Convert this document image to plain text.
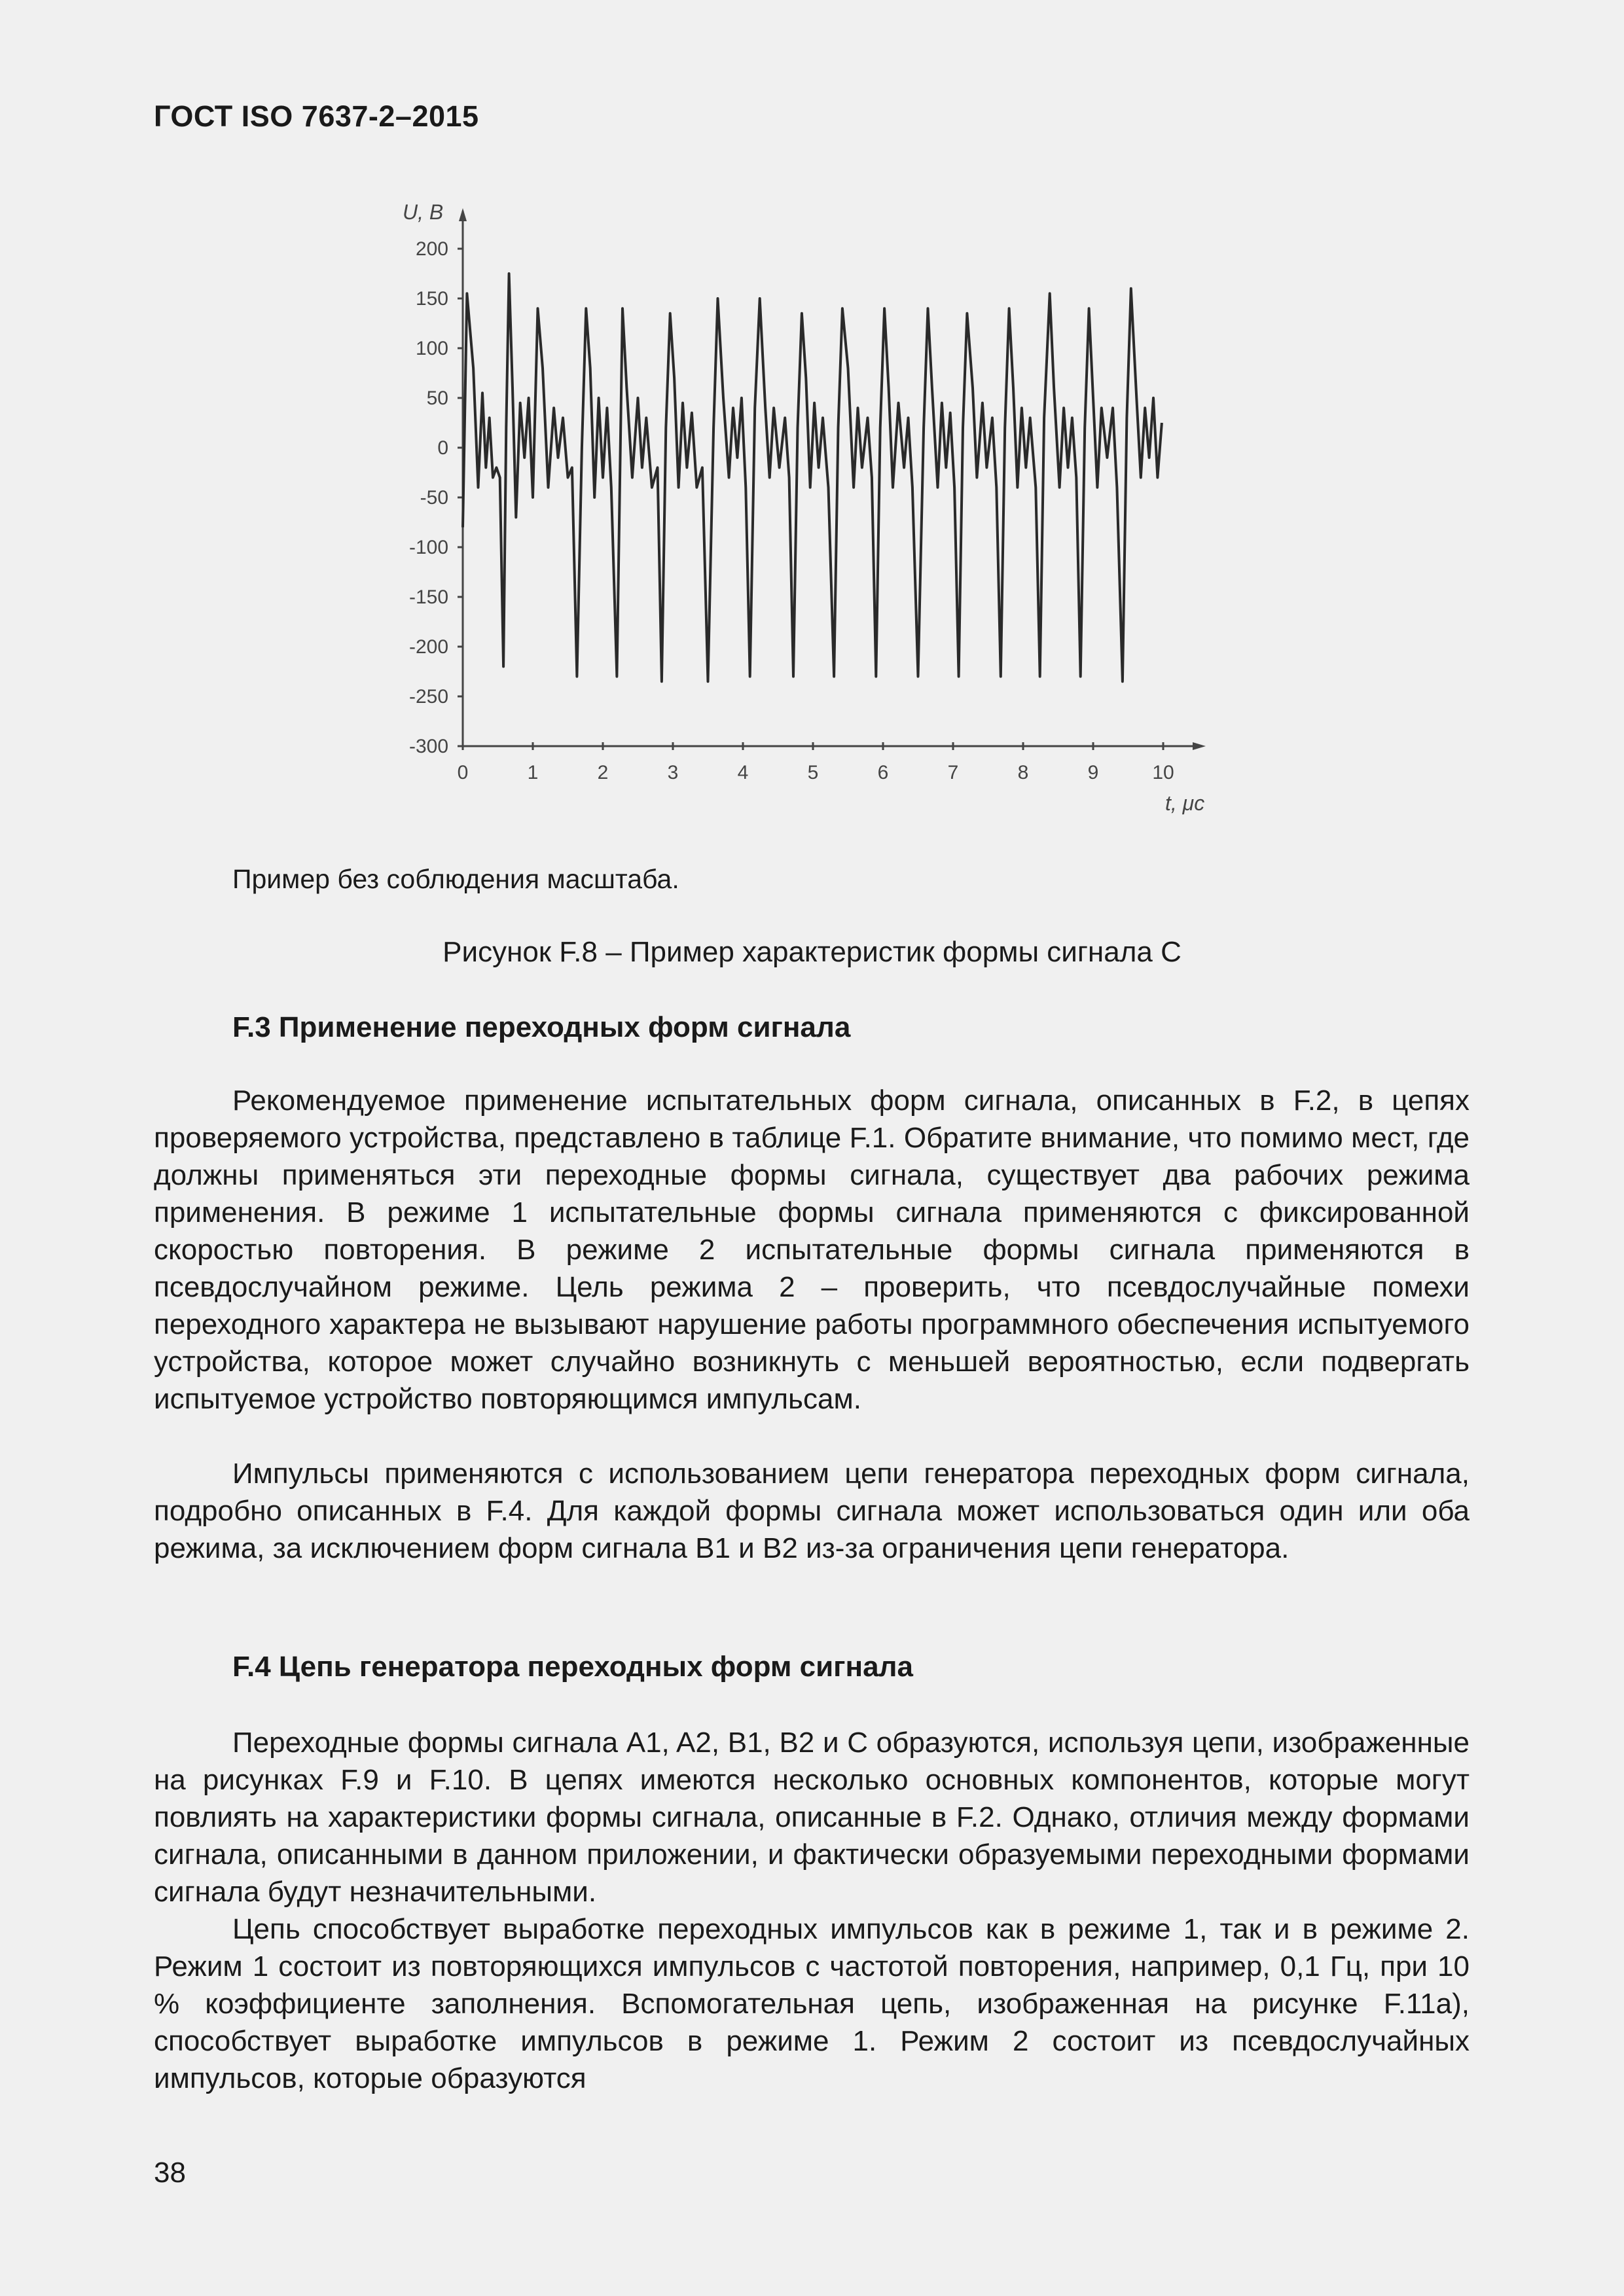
ГОСТ ISO 7637-2–2015
200
150
100
50
0
-50
-100
-150
-200
-250
-300
0	1	2	3	4	5	6	7	8	9	10
U, B
t, μc
Пример без соблюдения масштаба.
Рисунок F.8 – Пример характеристик формы сигнала C
F.3 Применение переходных форм сигнала

Рекомендуемое применение испытательных форм сигнала, описанных в F.2, в цепях проверяемого устройства, представлено в таблице F.1. Обратите внимание, что помимо мест, где должны применяться эти переходные формы сигнала, существует два рабочих режима применения. В режиме 1 испытательные формы сигнала применяются с фиксированной скоростью повторения. В режиме 2 испытательные формы сигнала применяются в псевдослучайном режиме. Цель режима 2 – проверить, что псевдослучайные помехи переходного характера не вызывают нарушение работы программного обеспечения испытуемого устройства, которое может случайно возникнуть с меньшей вероятностью, если подвергать испытуемое устройство повторяющимся импульсам.

Импульсы применяются с использованием цепи генератора переходных форм сигнала, подробно описанных в F.4. Для каждой формы сигнала может использоваться один или оба режима, за исключением форм сигнала B1 и B2 из-за ограничения цепи генератора.

F.4 Цепь генератора переходных форм сигнала

Переходные формы сигнала A1, A2, B1, B2 и C образуются, используя цепи, изображенные на рисунках F.9 и F.10. В цепях имеются несколько основных компонентов, которые могут повлиять на характеристики формы сигнала, описанные в F.2. Однако, отличия между формами сигнала, описанными в данном приложении, и фактически образуемыми переходными формами сигнала будут незначительными.

Цепь способствует выработке переходных импульсов как в режиме 1, так и в режиме 2. Режим 1 состоит из повторяющихся импульсов с частотой повторения, например, 0,1 Гц, при 10 % коэффициенте заполнения. Вспомогательная цепь, изображенная на рисунке F.11a), способствует выработке импульсов в режиме 1. Режим 2 состоит из псевдослучайных импульсов, которые образуются

38
